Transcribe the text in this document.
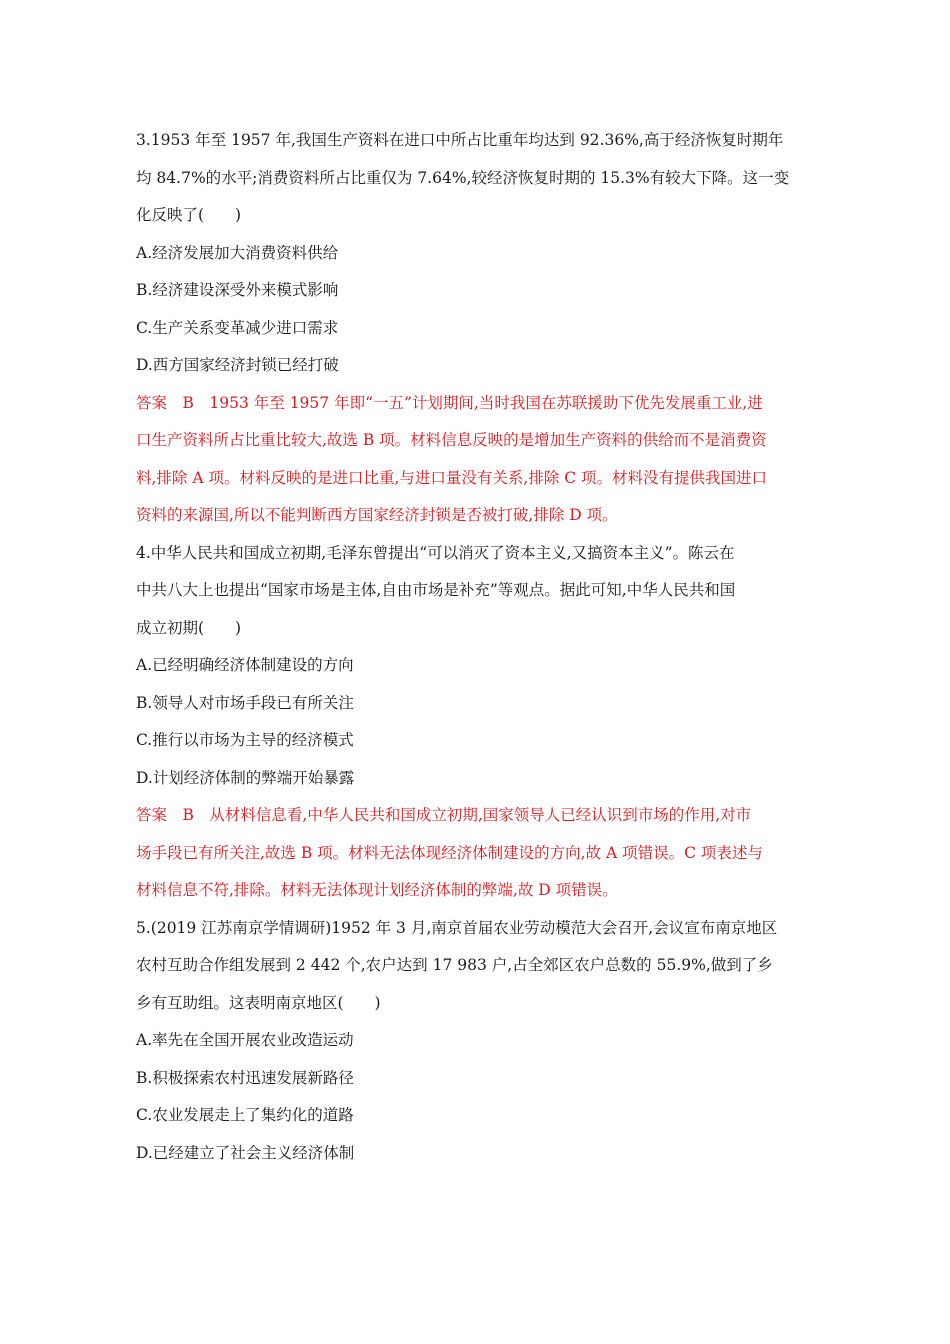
3.1953 年至 1957 年,我国生产资料在进口中所占比重年均达到 92.36%,高于经济恢复时期年
均 84.7%的水平;消费资料所占比重仅为 7.64%,较经济恢复时期的 15.3%有较大下降。这一变
化反映了(　　)
A.经济发展加大消费资料供给
B.经济建设深受外来模式影响
C.生产关系变革减少进口需求
D.西方国家经济封锁已经打破
答案　B　1953 年至 1957 年即“一五”计划期间,当时我国在苏联援助下优先发展重工业,进
口生产资料所占比重比较大,故选 B 项。材料信息反映的是增加生产资料的供给而不是消费资
料,排除 A 项。材料反映的是进口比重,与进口量没有关系,排除 C 项。材料没有提供我国进口
资料的来源国,所以不能判断西方国家经济封锁是否被打破,排除 D 项。
4.中华人民共和国成立初期,毛泽东曾提出“可以消灭了资本主义,又搞资本主义”。陈云在
中共八大上也提出“国家市场是主体,自由市场是补充”等观点。据此可知,中华人民共和国
成立初期(　　)
A.已经明确经济体制建设的方向
B.领导人对市场手段已有所关注
C.推行以市场为主导的经济模式
D.计划经济体制的弊端开始暴露
答案　B　从材料信息看,中华人民共和国成立初期,国家领导人已经认识到市场的作用,对市
场手段已有所关注,故选 B 项。材料无法体现经济体制建设的方向,故 A 项错误。C 项表述与
材料信息不符,排除。材料无法体现计划经济体制的弊端,故 D 项错误。
5.(2019 江苏南京学情调研)1952 年 3 月,南京首届农业劳动模范大会召开,会议宣布南京地区
农村互助合作组发展到 2 442 个,农户达到 17 983 户,占全郊区农户总数的 55.9%,做到了乡
乡有互助组。这表明南京地区(　　)
A.率先在全国开展农业改造运动
B.积极探索农村迅速发展新路径
C.农业发展走上了集约化的道路
D.已经建立了社会主义经济体制
